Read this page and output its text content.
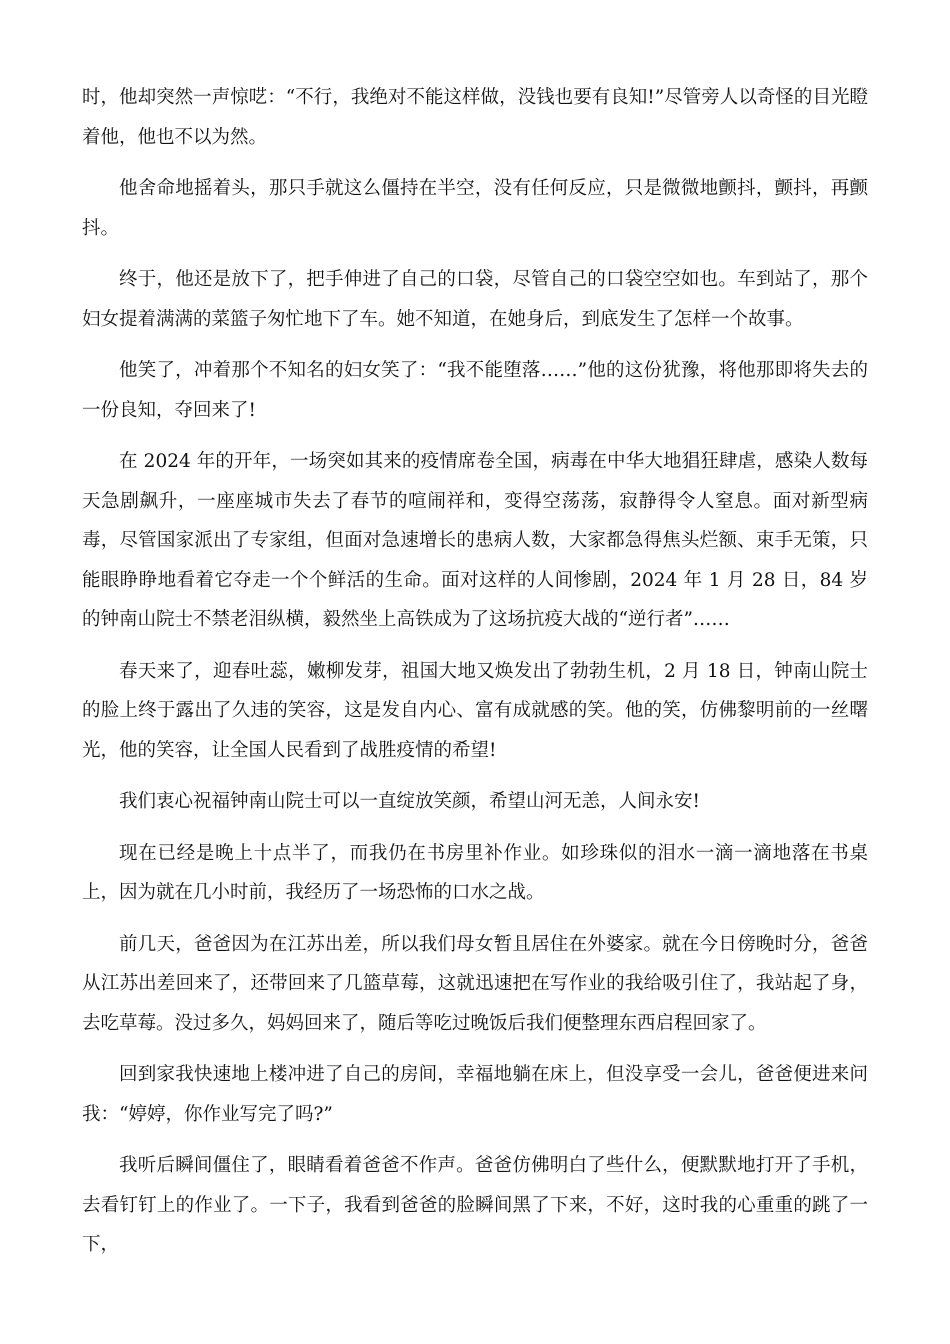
时，他却突然一声惊呓：“不行，我绝对不能这样做，没钱也要有良知!”尽管旁人以奇怪的目光瞪着他，他也不以为然。

他舍命地摇着头，那只手就这么僵持在半空，没有任何反应，只是微微地颤抖，颤抖，再颤抖。

终于，他还是放下了，把手伸进了自己的口袋，尽管自己的口袋空空如也。车到站了，那个妇女提着满满的菜篮子匆忙地下了车。她不知道，在她身后，到底发生了怎样一个故事。

他笑了，冲着那个不知名的妇女笑了：“我不能堕落……”他的这份犹豫，将他那即将失去的一份良知，夺回来了!

在 2024 年的开年，一场突如其来的疫情席卷全国，病毒在中华大地猖狂肆虐，感染人数每天急剧飙升，一座座城市失去了春节的喧闹祥和，变得空荡荡，寂静得令人窒息。面对新型病毒，尽管国家派出了专家组，但面对急速增长的患病人数，大家都急得焦头烂额、束手无策，只能眼睁睁地看着它夺走一个个鲜活的生命。面对这样的人间惨剧，2024 年 1 月 28 日，84 岁的钟南山院士不禁老泪纵横，毅然坐上高铁成为了这场抗疫大战的“逆行者”……

春天来了，迎春吐蕊，嫩柳发芽，祖国大地又焕发出了勃勃生机，2 月 18 日，钟南山院士的脸上终于露出了久违的笑容，这是发自内心、富有成就感的笑。他的笑，仿佛黎明前的一丝曙光，他的笑容，让全国人民看到了战胜疫情的希望!

我们衷心祝福钟南山院士可以一直绽放笑颜，希望山河无恙，人间永安!

现在已经是晚上十点半了，而我仍在书房里补作业。如珍珠似的泪水一滴一滴地落在书桌上，因为就在几小时前，我经历了一场恐怖的口水之战。

前几天，爸爸因为在江苏出差，所以我们母女暂且居住在外婆家。就在今日傍晚时分，爸爸从江苏出差回来了，还带回来了几篮草莓，这就迅速把在写作业的我给吸引住了，我站起了身，去吃草莓。没过多久，妈妈回来了，随后等吃过晚饭后我们便整理东西启程回家了。

回到家我快速地上楼冲进了自己的房间，幸福地躺在床上，但没享受一会儿，爸爸便进来问我：“婷婷，你作业写完了吗?”

我听后瞬间僵住了，眼睛看着爸爸不作声。爸爸仿佛明白了些什么，便默默地打开了手机，去看钉钉上的作业了。一下子，我看到爸爸的脸瞬间黑了下来，不好，这时我的心重重的跳了一下，
